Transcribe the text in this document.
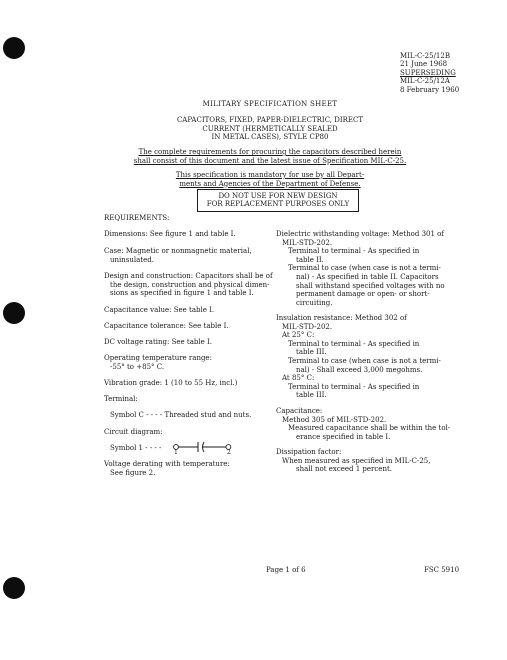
MIL-C-25/12B
21 June 1968
SUPERSEDING
MIL-C-25/12A
8 February 1960
MILITARY SPECIFICATION SHEET
CAPACITORS, FIXED, PAPER-DIELECTRIC, DIRECT
CURRENT (HERMETICALLY SEALED
IN METAL CASES), STYLE CP80
The complete requirements for procuring the capacitors described herein
shall consist of this document and the latest issue of Specification MIL-C-25.
This specification is mandatory for use by all Depart-
ments and Agencies of the Department of Defense.
DO NOT USE FOR NEW DESIGN
FOR REPLACEMENT PURPOSES ONLY
REQUIREMENTS:
Dimensions: See figure 1 and table I.
Case: Magnetic or nonmagnetic material,
uninsulated.
Design and construction: Capacitors shall be of
the design, construction and physical dimen-
sions as specified in figure 1 and table I.
Capacitance value: See table I.
Capacitance tolerance: See table I.
DC voltage rating: See table I.
Operating temperature range:
-55° to +85° C.
Vibration grade: 1 (10 to 55 Hz, incl.)
Terminal:
Symbol C - - - - Threaded stud and nuts.
Circuit diagram:
Symbol 1 - - - -
Voltage derating with temperature:
See figure 2.
1	2
Dielectric withstanding voltage: Method 301 of
MIL-STD-202.
Terminal to terminal - As specified in
table II.
Terminal to case (when case is not a termi-
nal) - As specified in table II. Capacitors
shall withstand specified voltages with no
permanent damage or open- or short-
circuiting.
Insulation resistance: Method 302 of
MIL-STD-202.
At 25° C:
Terminal to terminal - As specified in
table III.
Terminal to case (when case is not a termi-
nal) - Shall exceed 3,000 megohms.
At 85° C:
Terminal to terminal - As specified in
table III.
Capacitance:
Method 305 of MIL-STD-202.
Measured capacitance shall be within the tol-
erance specified in table I.
Dissipation factor:
When measured as specified in MIL-C-25,
shall not exceed 1 percent.
Page 1 of 6	FSC 5910
